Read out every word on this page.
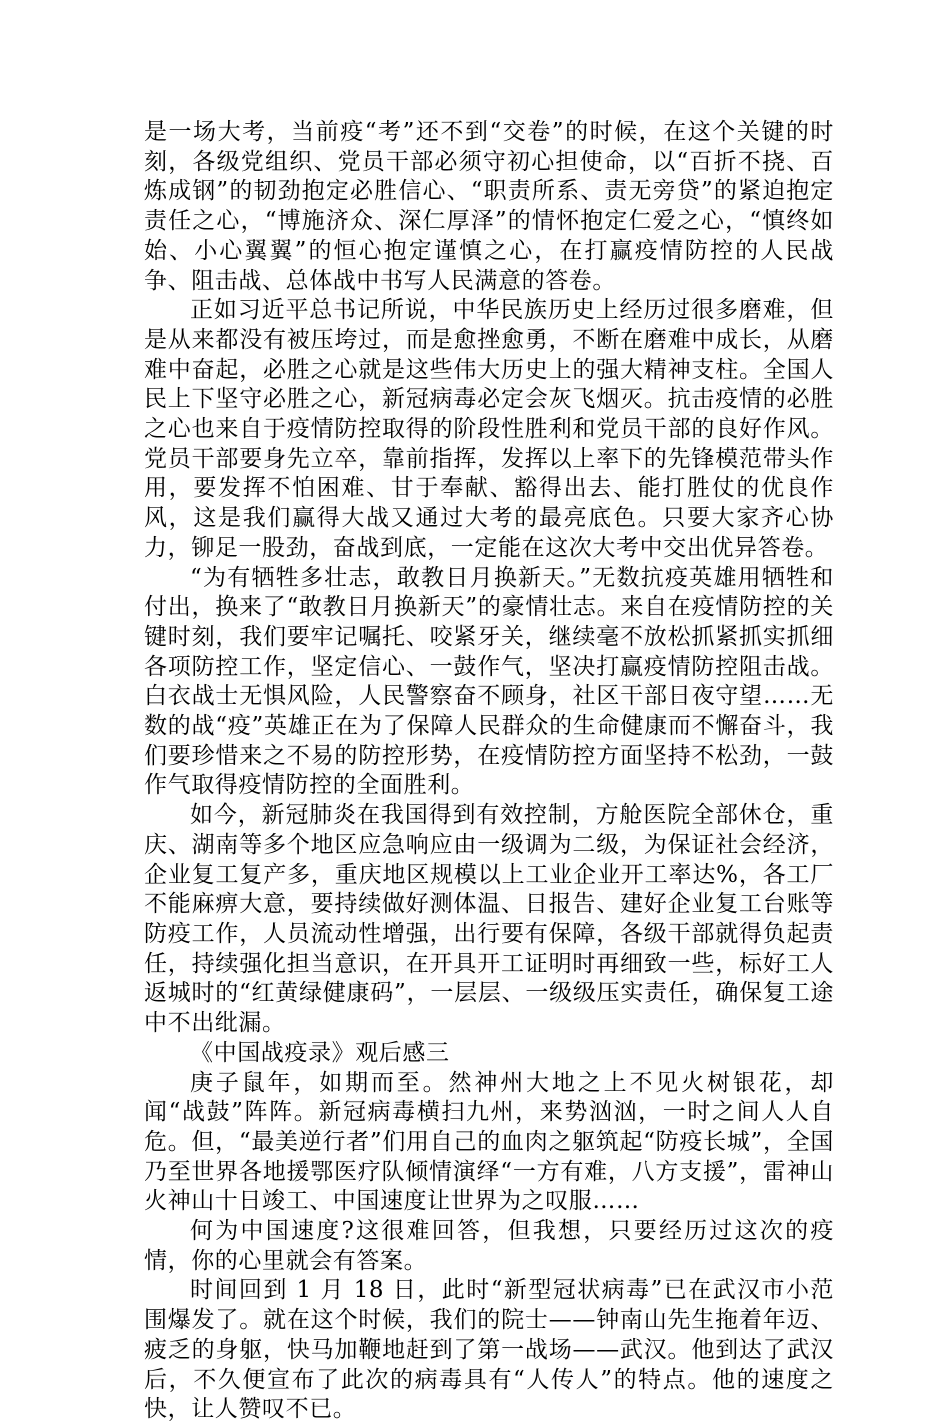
是一场大考，当前疫“考”还不到“交卷”的时候，在这个关键的时刻，各级党组织、党员干部必须守初心担使命，以“百折不挠、百炼成钢”的韧劲抱定必胜信心、“职责所系、责无旁贷”的紧迫抱定责任之心，“博施济众、深仁厚泽”的情怀抱定仁爱之心，“慎终如始、小心翼翼”的恒心抱定谨慎之心，在打赢疫情防控的人民战争、阻击战、总体战中书写人民满意的答卷。

正如习近平总书记所说，中华民族历史上经历过很多磨难，但是从来都没有被压垮过，而是愈挫愈勇，不断在磨难中成长，从磨难中奋起，必胜之心就是这些伟大历史上的强大精神支柱。全国人民上下坚守必胜之心，新冠病毒必定会灰飞烟灭。抗击疫情的必胜之心也来自于疫情防控取得的阶段性胜利和党员干部的良好作风。党员干部要身先立卒，靠前指挥，发挥以上率下的先锋模范带头作用，要发挥不怕困难、甘于奉献、豁得出去、能打胜仗的优良作风，这是我们赢得大战又通过大考的最亮底色。只要大家齐心协力，铆足一股劲，奋战到底，一定能在这次大考中交出优异答卷。

“为有牺牲多壮志，敢教日月换新天。”无数抗疫英雄用牺牲和付出，换来了“敢教日月换新天”的豪情壮志。来自在疫情防控的关键时刻，我们要牢记嘱托、咬紧牙关，继续毫不放松抓紧抓实抓细各项防控工作，坚定信心、一鼓作气，坚决打赢疫情防控阻击战。白衣战士无惧风险，人民警察奋不顾身，社区干部日夜守望……无数的战“疫”英雄正在为了保障人民群众的生命健康而不懈奋斗，我们要珍惜来之不易的防控形势，在疫情防控方面坚持不松劲，一鼓作气取得疫情防控的全面胜利。

如今，新冠肺炎在我国得到有效控制，方舱医院全部休仓，重庆、湖南等多个地区应急响应由一级调为二级，为保证社会经济，企业复工复产多，重庆地区规模以上工业企业开工率达%，各工厂不能麻痹大意，要持续做好测体温、日报告、建好企业复工台账等防疫工作，人员流动性增强，出行要有保障，各级干部就得负起责任，持续强化担当意识，在开具开工证明时再细致一些，标好工人返城时的“红黄绿健康码”，一层层、一级级压实责任，确保复工途中不出纰漏。

《中国战疫录》观后感三

庚子鼠年，如期而至。然神州大地之上不见火树银花，却闻“战鼓”阵阵。新冠病毒横扫九州，来势汹汹，一时之间人人自危。但，“最美逆行者”们用自己的血肉之躯筑起“防疫长城”，全国乃至世界各地援鄂医疗队倾情演绎“一方有难，八方支援”，雷神山火神山十日竣工、中国速度让世界为之叹服……

何为中国速度?这很难回答，但我想，只要经历过这次的疫情，你的心里就会有答案。

时间回到 1 月 18 日，此时“新型冠状病毒”已在武汉市小范围爆发了。就在这个时候，我们的院士——钟南山先生拖着年迈、疲乏的身躯，快马加鞭地赶到了第一战场——武汉。他到达了武汉后，不久便宣布了此次的病毒具有“人传人”的特点。他的速度之快，让人赞叹不已。
